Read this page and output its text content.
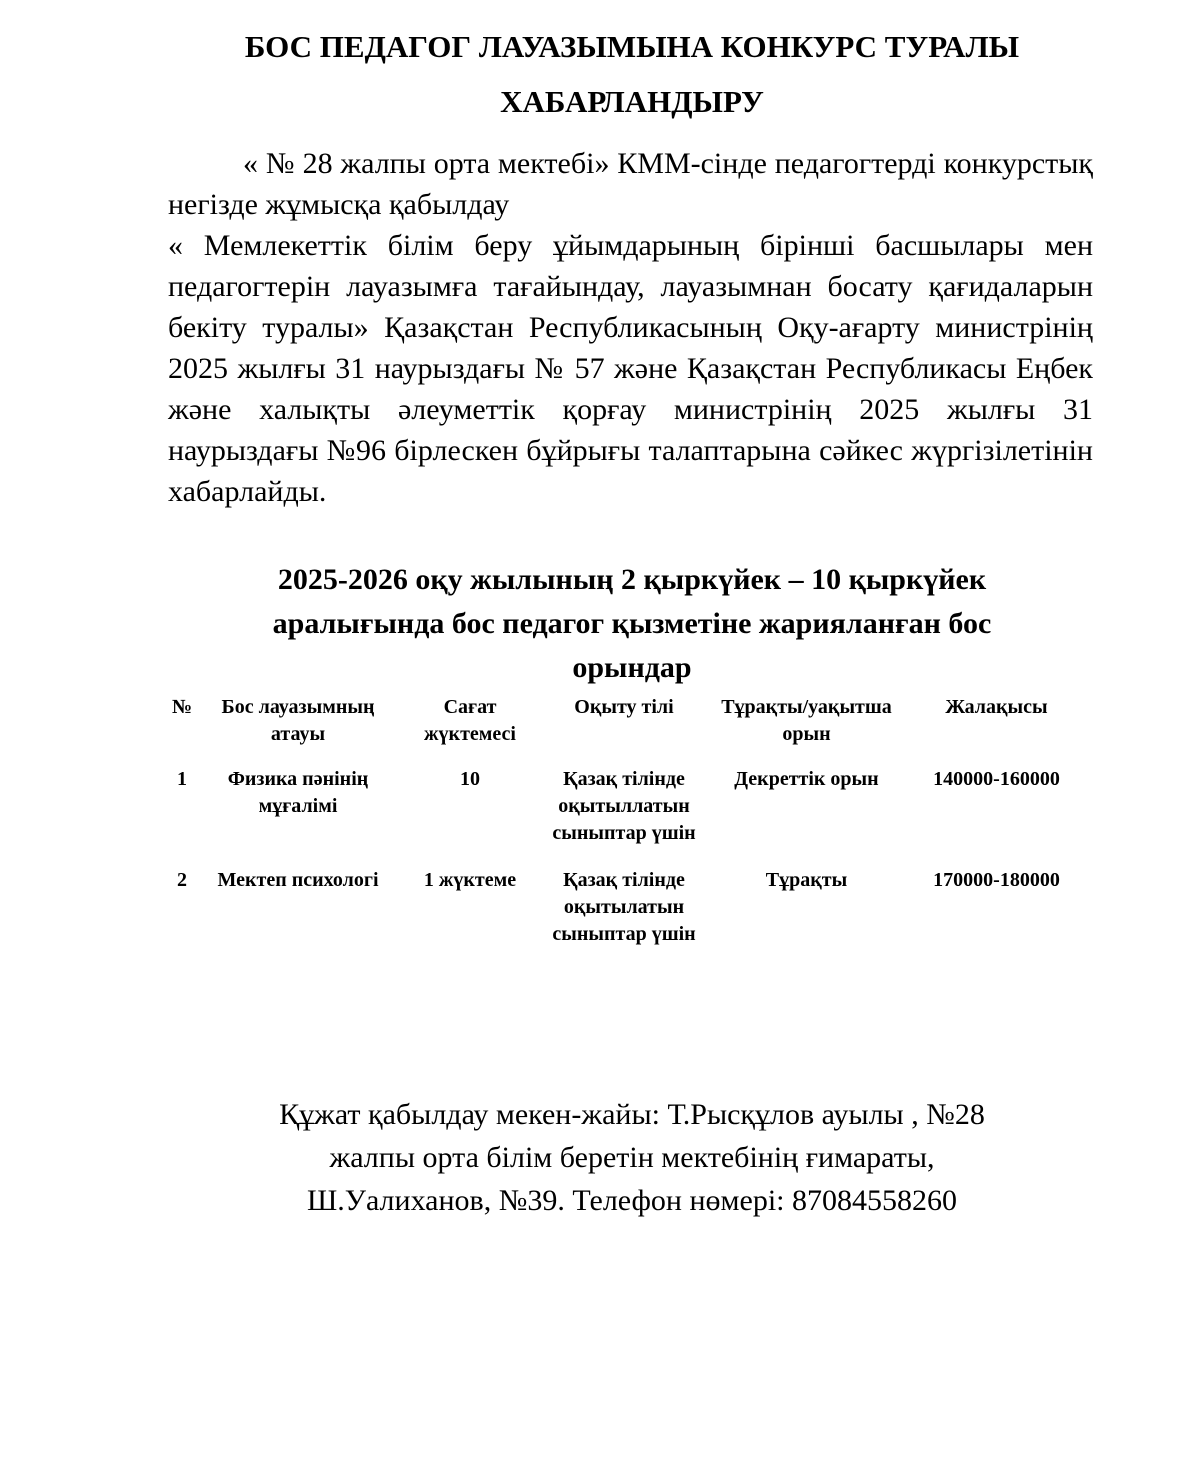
БОС ПЕДАГОГ ЛАУАЗЫМЫНА КОНКУРС ТУРАЛЫ
ХАБАРЛАНДЫРУ

« № 28 жалпы орта мектебі» КММ-сінде педагогтерді конкурстық негізде жұмысқа қабылдау

« Мемлекеттік білім беру ұйымдарының бірінші басшылары мен педагогтерін лауазымға тағайындау, лауазымнан босату қағидаларын бекіту туралы» Қазақстан Республикасының Оқу-ағарту министрінің 2025 жылғы 31 наурыздағы № 57 және Қазақстан Республикасы Еңбек және халықты әлеуметтік қорғау министрінің 2025 жылғы 31 наурыздағы №96 бірлескен бұйрығы талаптарына сәйкес жүргізілетінін хабарлайды.

2025-2026 оқу жылының 2 қыркүйек – 10 қыркүйек
аралығында бос педагог қызметіне жарияланған бос
орындар
№	Бос лауазымның атауы	Сағат жүктемесі	Оқыту тілі	Тұрақты/уақытша орын	Жалақысы
1	Физика пәнінің мұғалімі	10	Қазақ тілінде оқытыллатын сыныптар үшін	Декреттік орын	140000-160000
2	Мектеп психологі	1 жүктеме	Қазақ тілінде оқытылатын сыныптар үшін	Тұрақты	170000-180000

Құжат қабылдау мекен-жайы: Т.Рысқұлов ауылы , №28

жалпы орта білім беретін мектебінің ғимараты,

Ш.Уалиханов, №39. Телефон нөмері: 87084558260
